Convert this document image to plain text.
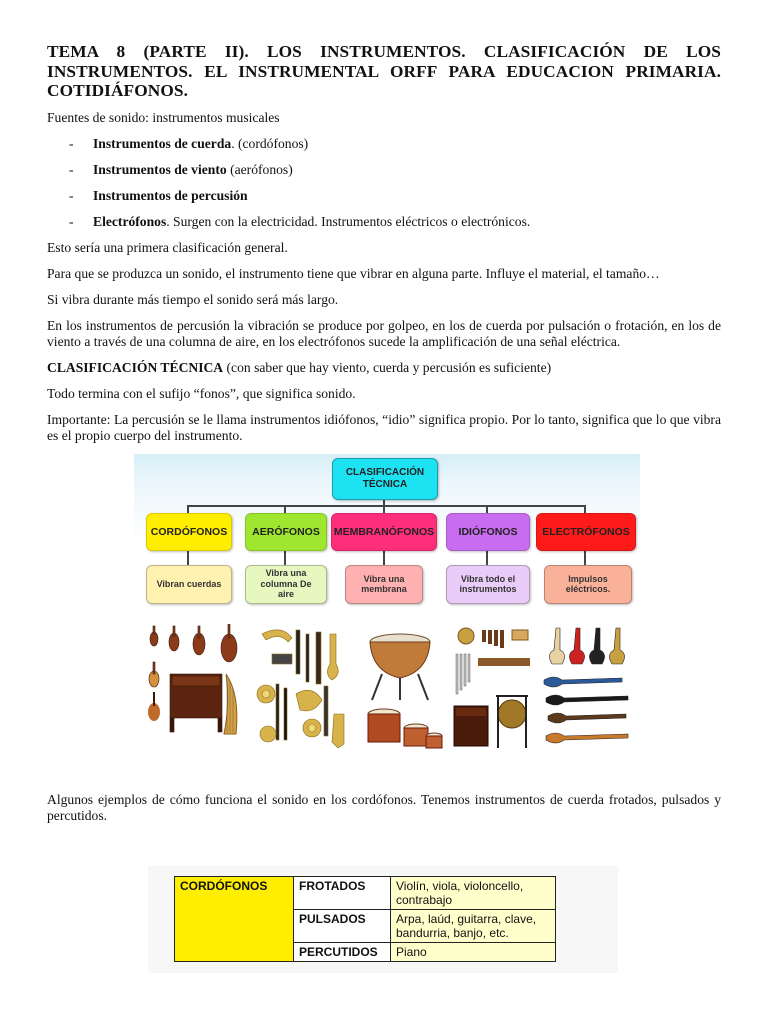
TEMA 8 (PARTE II). LOS INSTRUMENTOS. CLASIFICACIÓN DE LOS INSTRUMENTOS. EL INSTRUMENTAL ORFF PARA EDUCACION PRIMARIA. COTIDIÁFONOS.

Fuentes de sonido: instrumentos musicales

- Instrumentos de cuerda. (cordófonos)
- Instrumentos de viento (aerófonos)
- Instrumentos de percusión
- Electrófonos. Surgen con la electricidad. Instrumentos eléctricos o electrónicos.

Esto sería una primera clasificación general.

Para que se produzca un sonido, el instrumento tiene que vibrar en alguna parte. Influye el material, el tamaño…

Si vibra durante más tiempo el sonido será más largo.

En los instrumentos de percusión la vibración se produce por golpeo, en los de cuerda por pulsación o frotación, en los de viento a través de una columna de aire, en los electrófonos sucede la amplificación de una señal eléctrica.

CLASIFICACIÓN TÉCNICA (con saber que hay viento, cuerda y percusión es suficiente)

Todo termina con el sufijo “fonos”, que significa sonido.

Importante: La percusión se le llama instrumentos idiófonos, “idio” significa propio. Por lo tanto, significa que lo que vibra es el propio cuerpo del instrumento.

CLASIFICACIÓN TÉCNICA
CORDÓFONOS AERÓFONOS MEMBRANÓFONOS IDIÓFONOS ELECTRÓFONOS
Vibran cuerdas
Vibra una columna De aire
Vibra una membrana
Vibra todo el instrumentos
Impulsos eléctricos.

Algunos ejemplos de cómo funciona el sonido en los cordófonos. Tenemos instrumentos de cuerda frotados, pulsados y percutidos.

CORDÓFONOS	FROTADOS	Violín, viola, violoncello, contrabajo
	PULSADOS	Arpa, laúd, guitarra, clave, bandurria, banjo, etc.
	PERCUTIDOS	Piano
